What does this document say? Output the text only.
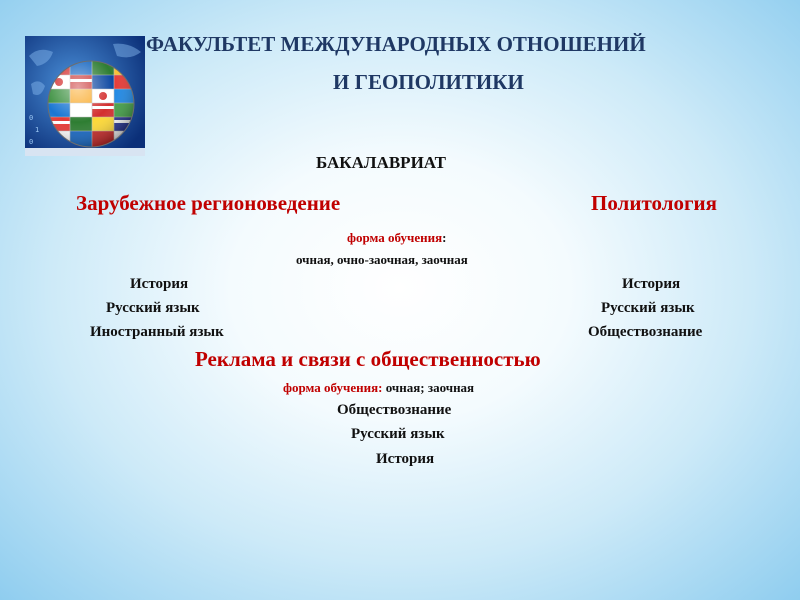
0
1
0

ФАКУЛЬТЕТ МЕЖДУНАРОДНЫХ ОТНОШЕНИЙ

И ГЕОПОЛИТИКИ

БАКАЛАВРИАТ

Зарубежное регионоведение	Политология

форма обучения:

очная, очно-заочная, заочная

История

Русский язык

Иностранный язык

История

Русский язык

Обществознание

Реклама и связи с общественностью

форма обучения: очная; заочная

Обществознание

Русский язык

История
